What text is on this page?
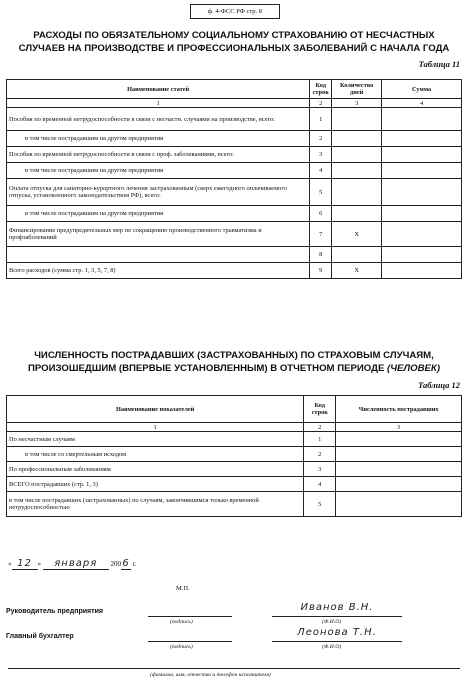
ф. 4-ФСС РФ стр. 8
РАСХОДЫ ПО ОБЯЗАТЕЛЬНОМУ СОЦИАЛЬНОМУ СТРАХОВАНИЮ ОТ НЕСЧАСТНЫХ СЛУЧАЕВ НА ПРОИЗВОДСТВЕ И ПРОФЕССИОНАЛЬНЫХ ЗАБОЛЕВАНИЙ С НАЧАЛА ГОДА
Таблица 11
Наименование статей	Код строк	Количество дней	Сумма
1	2	3	4
Пособия по временной нетрудоспособности в связи с несчастн. случаями на производстве, всего:	1		
в том числе пострадавшим на другом предприятии	2		
Пособия по временной нетрудоспособности в связи с проф. заболеваниями, всего:	3		
в том числе пострадавшим на другом предприятии	4		
Оплата отпуска для санаторно-курортного лечения застрахованным (сверх ежегодного оплачиваемого отпуска, установленного законодательством РФ), всего:	5		
в том числе пострадавшим на другом предприятии	6		
Финансирование предупредительных мер по сокращению производственного травматизма и профзаболеваний	7	X	
	8		
Всего расходов (сумма стр. 1, 3, 5, 7, 8)	9	X	
ЧИСЛЕННОСТЬ ПОСТРАДАВШИХ (ЗАСТРАХОВАННЫХ) ПО СТРАХОВЫМ СЛУЧАЯМ, ПРОИЗОШЕДШИМ (ВПЕРВЫЕ УСТАНОВЛЕННЫМ) В ОТЧЕТНОМ ПЕРИОДЕ (ЧЕЛОВЕК)
Таблица 12
Наименование показателей	Код строк	Численность пострадавших
1	2	3
По несчастным случаям	1	
в том числе со смертельным исходом	2	
По профессиональным заболеваниям	3	
ВСЕГО пострадавших (стр. 1, 3)	4	
в том числе пострадавших (застрахованных) по случаям, закончившимся только временной нетрудоспособностью	5	
« 12 » января 2006 г.
М.П.
Руководитель предприятия	Иванов В.Н.
(подпись)	(Ф.И.О)
Главный бухгалтер	Леонова Т.Н.
(подпись)	(Ф.И.О)
(фамилия, имя, отчество и телефон исполнителя)
